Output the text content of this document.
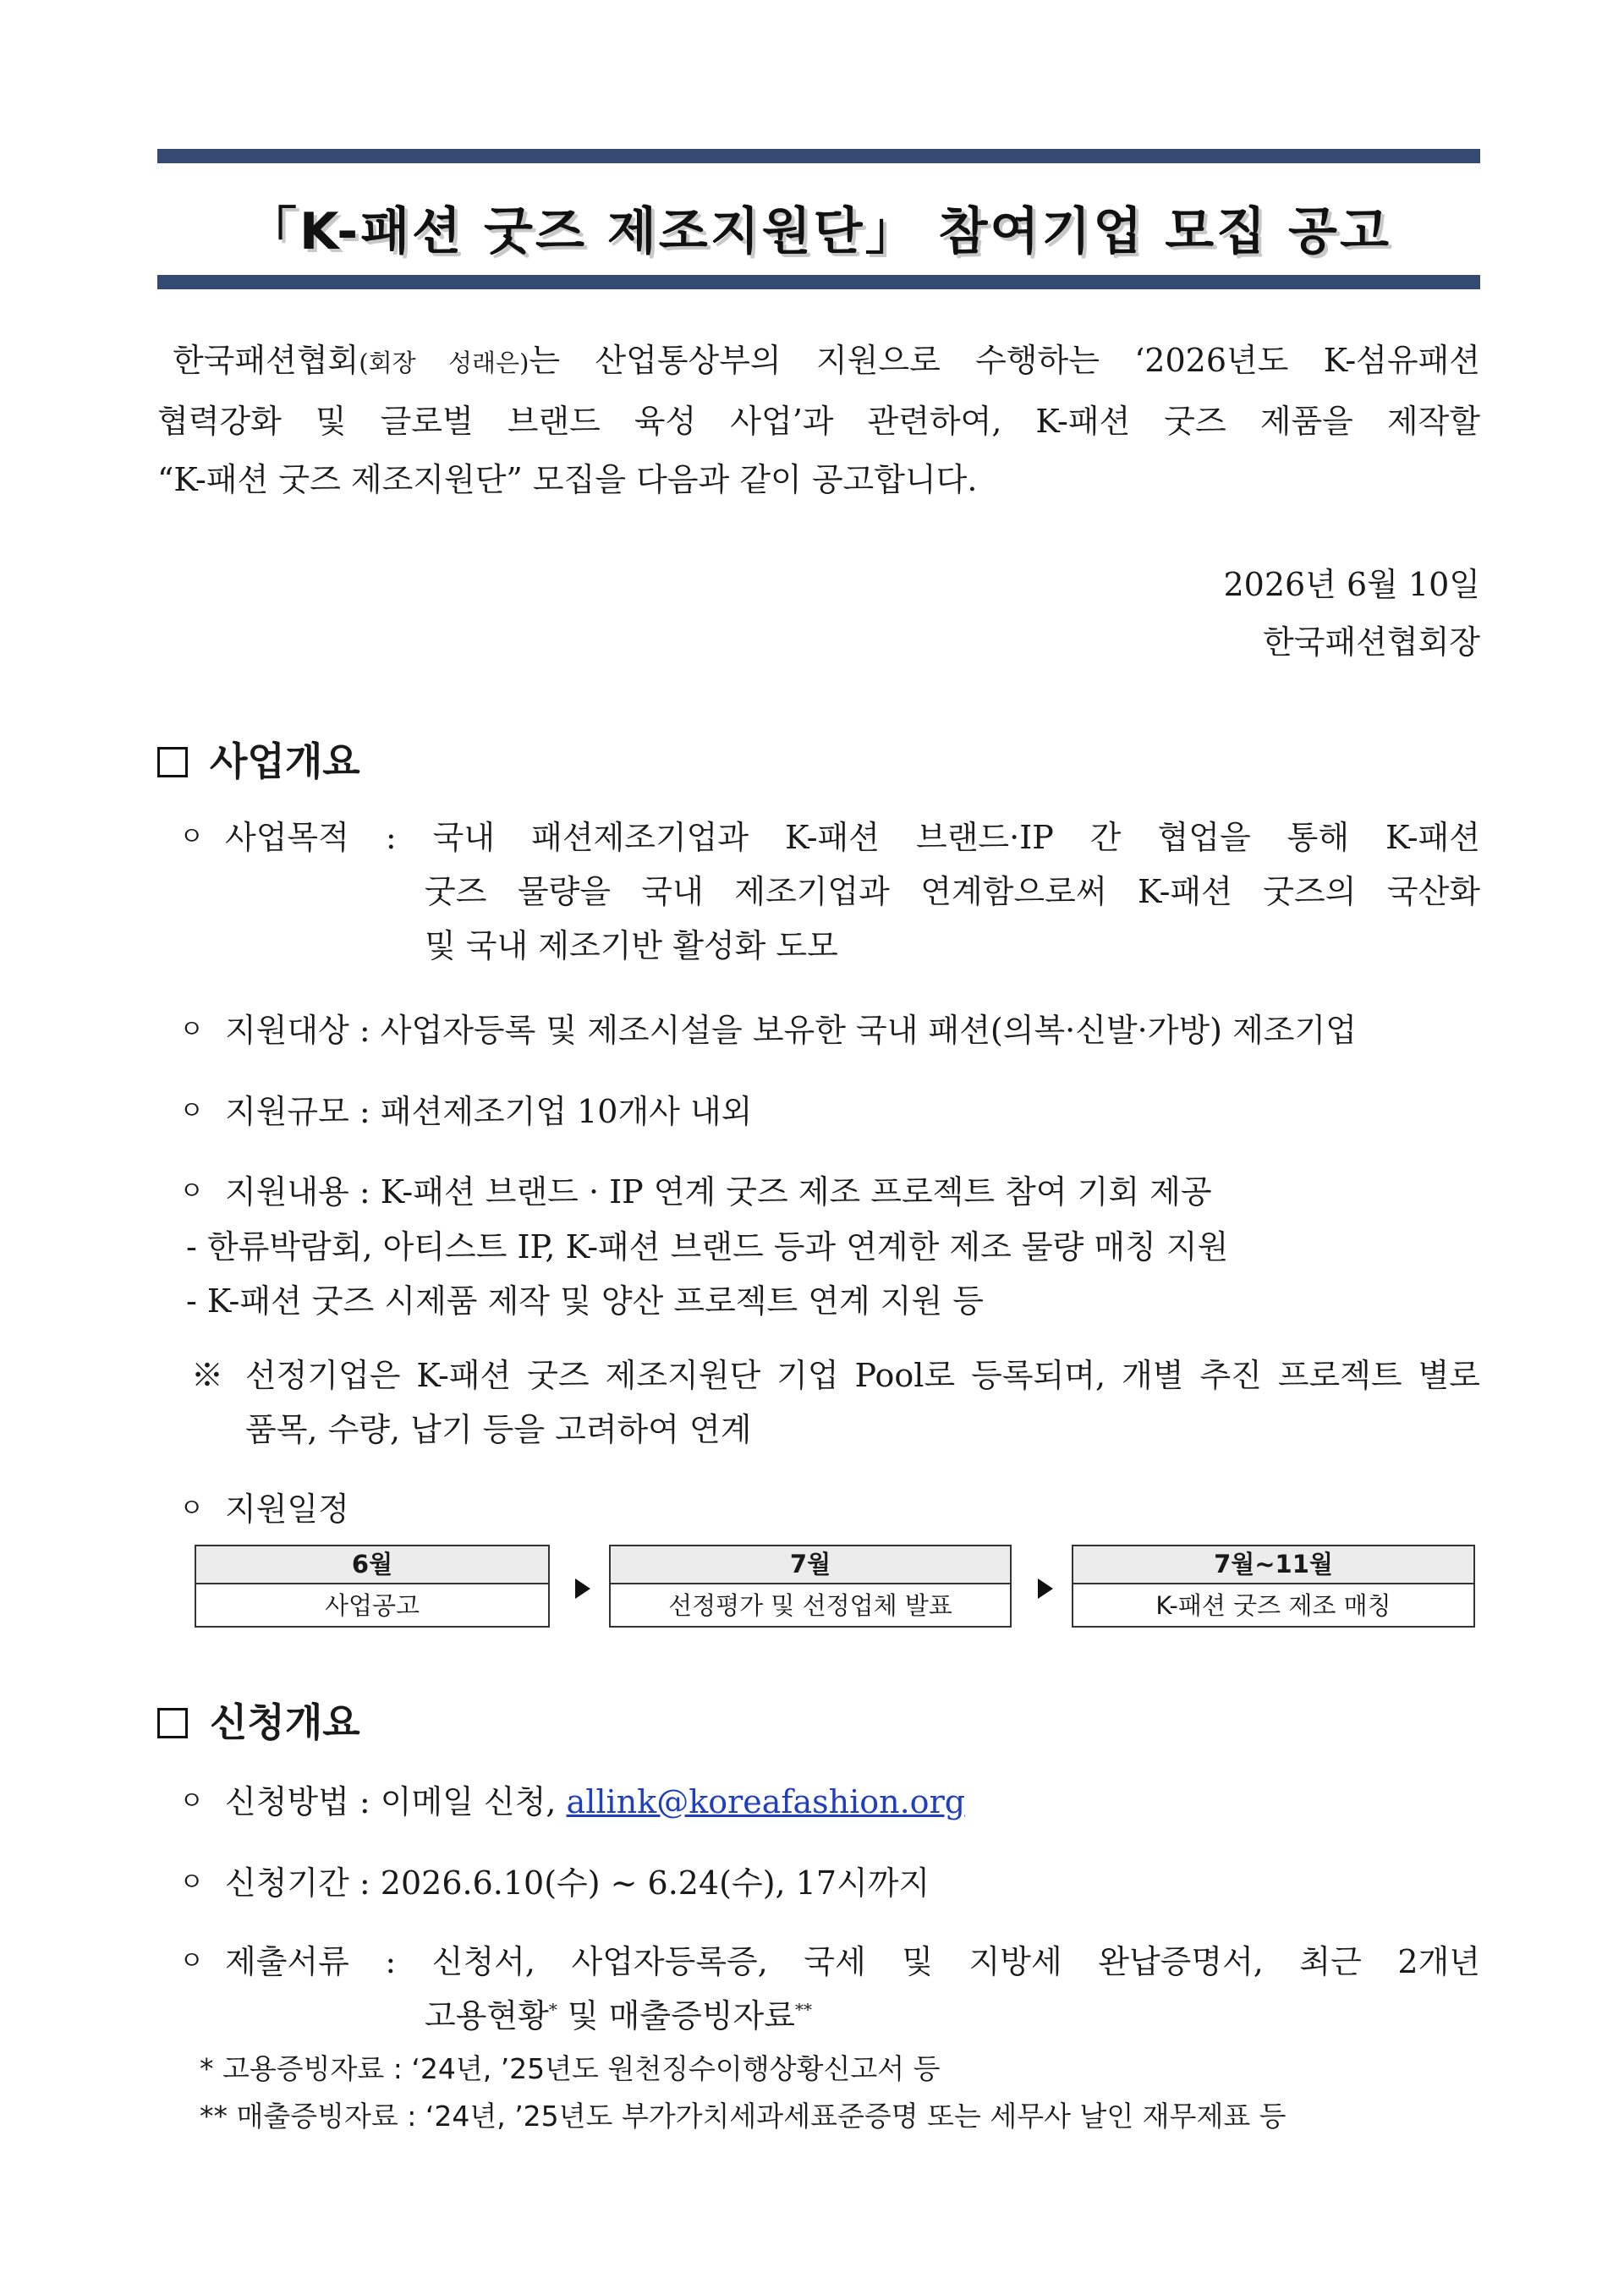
「K-패션 굿즈 제조지원단」 참여기업 모집 공고
한국패션협회(회장 성래은)는 산업통상부의 지원으로 수행하는 ‘2026년도 K-섬유패션
협력강화 및 글로벌 브랜드 육성 사업’과 관련하여, K-패션 굿즈 제품을 제작할
“K-패션 굿즈 제조지원단” 모집을 다음과 같이 공고합니다.
2026년 6월 10일
한국패션협회장
사업개요
ㅇ 사업목적 : 국내 패션제조기업과 K-패션 브랜드·IP 간 협업을 통해 K-패션
굿즈 물량을 국내 제조기업과 연계함으로써 K-패션 굿즈의 국산화
및 국내 제조기반 활성화 도모
ㅇ 지원대상 : 사업자등록 및 제조시설을 보유한 국내 패션(의복·신발·가방) 제조기업
ㅇ 지원규모 : 패션제조기업 10개사 내외
ㅇ 지원내용 : K-패션 브랜드 · IP 연계 굿즈 제조 프로젝트 참여 기회 제공
- 한류박람회, 아티스트 IP, K-패션 브랜드 등과 연계한 제조 물량 매칭 지원
- K-패션 굿즈 시제품 제작 및 양산 프로젝트 연계 지원 등
※ 선정기업은 K-패션 굿즈 제조지원단 기업 Pool로 등록되며, 개별 추진 프로젝트 별로
품목, 수량, 납기 등을 고려하여 연계
ㅇ 지원일정
6월
사업공고
7월
선정평가 및 선정업체 발표
7월~11월
K-패션 굿즈 제조 매칭
신청개요
ㅇ 신청방법 : 이메일 신청, allink@koreafashion.org
ㅇ 신청기간 : 2026.6.10(수) ~ 6.24(수), 17시까지
ㅇ 제출서류 : 신청서, 사업자등록증, 국세 및 지방세 완납증명서, 최근 2개년
고용현황* 및 매출증빙자료**
* 고용증빙자료 : ‘24년, ’25년도 원천징수이행상황신고서 등
** 매출증빙자료 : ‘24년, ’25년도 부가가치세과세표준증명 또는 세무사 날인 재무제표 등
